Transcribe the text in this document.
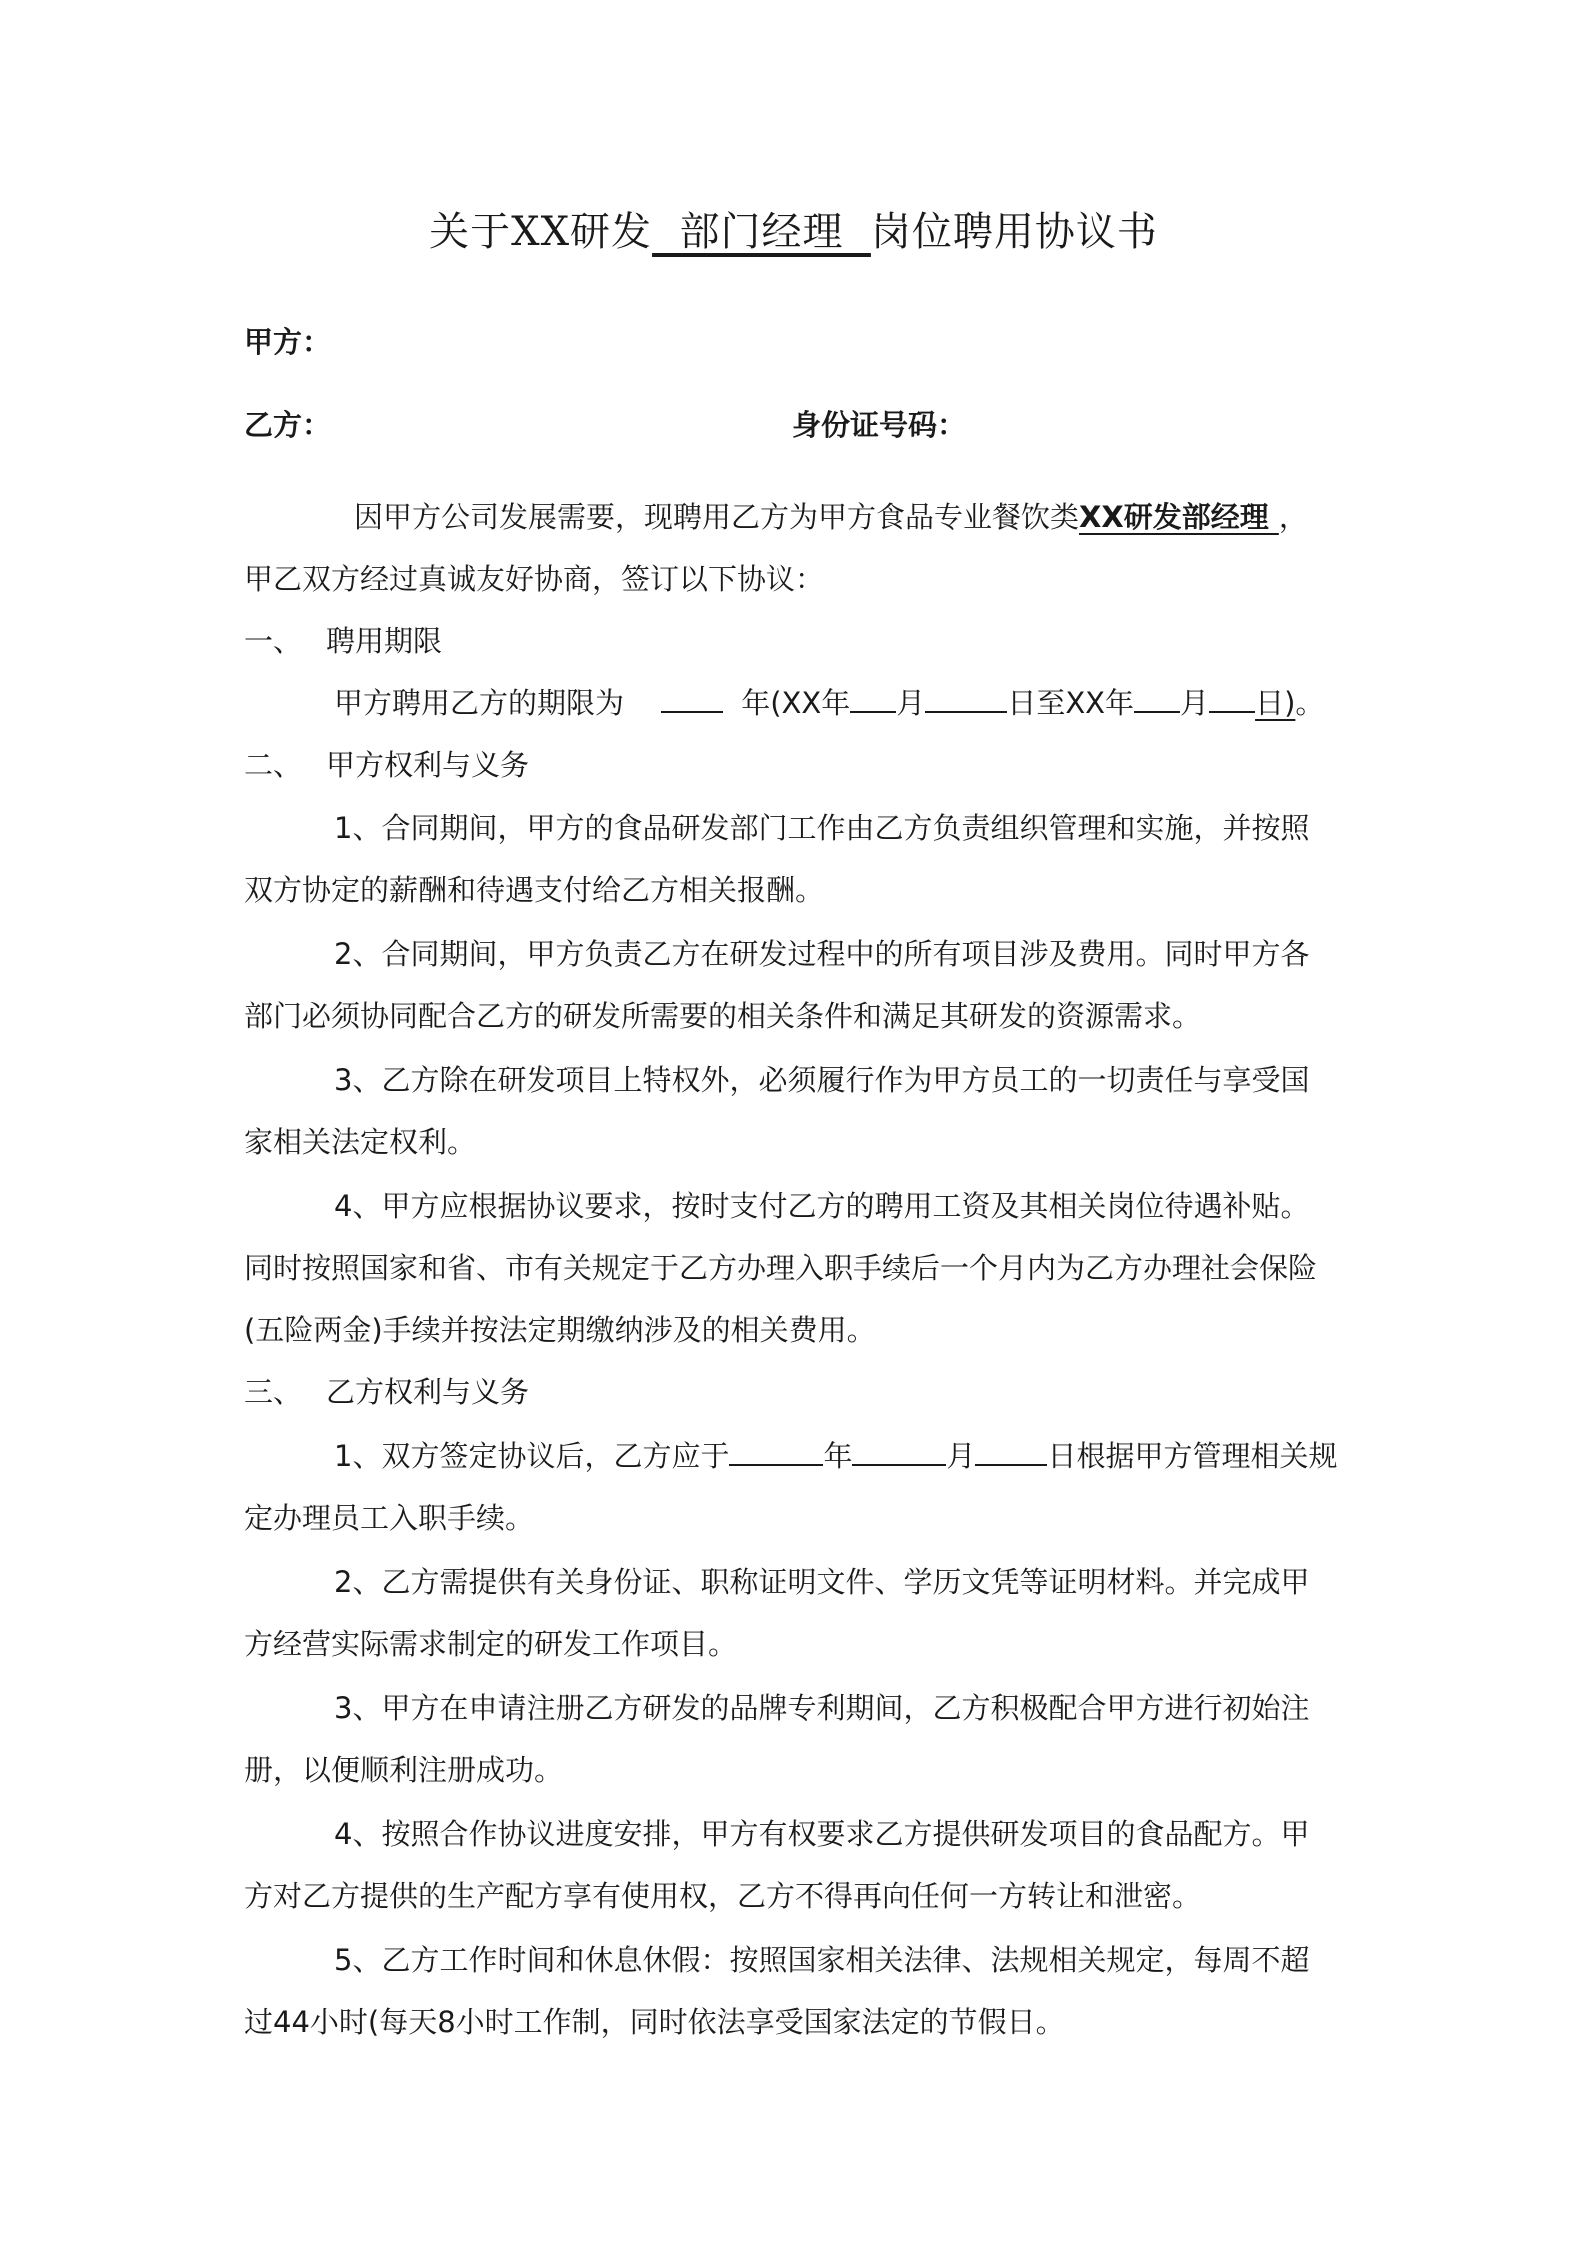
关于XX研发  部门经理  岗位聘用协议书
甲方：
乙方：	身份证号码：
因甲方公司发展需要，现聘用乙方为甲方食品专业餐饮类XX研发部经理 ，
甲乙双方经过真诚友好协商，签订以下协议：
一、 聘用期限
甲方聘用乙方的期限为	年(XX年 月	日至XX年 月 日)。
二、 甲方权利与义务
1、合同期间，甲方的食品研发部门工作由乙方负责组织管理和实施，并按照
双方协定的薪酬和待遇支付给乙方相关报酬。
2、合同期间，甲方负责乙方在研发过程中的所有项目涉及费用。同时甲方各
部门必须协同配合乙方的研发所需要的相关条件和满足其研发的资源需求。
3、乙方除在研发项目上特权外，必须履行作为甲方员工的一切责任与享受国
家相关法定权利。
4、甲方应根据协议要求，按时支付乙方的聘用工资及其相关岗位待遇补贴。
同时按照国家和省、市有关规定于乙方办理入职手续后一个月内为乙方办理社会保险
(五险两金)手续并按法定期缴纳涉及的相关费用。
三、 乙方权利与义务
1、双方签定协议后，乙方应于	年	月 日根据甲方管理相关规
定办理员工入职手续。
2、乙方需提供有关身份证、职称证明文件、学历文凭等证明材料。并完成甲
方经营实际需求制定的研发工作项目。
3、甲方在申请注册乙方研发的品牌专利期间，乙方积极配合甲方进行初始注
册，以便顺利注册成功。
4、按照合作协议进度安排，甲方有权要求乙方提供研发项目的食品配方。甲
方对乙方提供的生产配方享有使用权，乙方不得再向任何一方转让和泄密。
5、乙方工作时间和休息休假：按照国家相关法律、法规相关规定，每周不超
过44小时(每天8小时工作制，同时依法享受国家法定的节假日。
